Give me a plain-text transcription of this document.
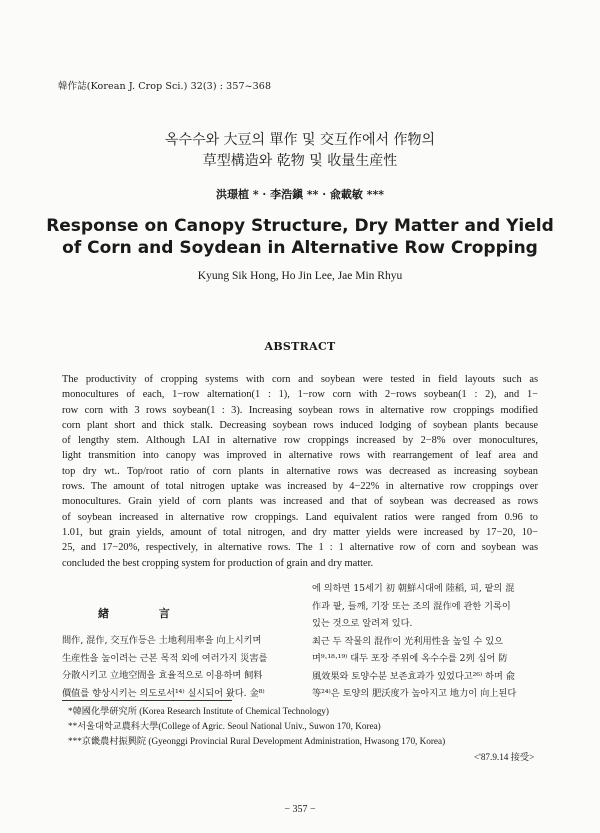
韓作誌(Korean J. Crop Sci.) 32(3) : 357~368
옥수수와 大豆의 單作 및 交互作에서 作物의
草型構造와 乾物 및 收量生産性
洪璟植 * · 李浩鎭 ** · 兪載敏 ***
Response on Canopy Structure, Dry Matter and Yield
of Corn and Soydean in Alternative Row Cropping
Kyung Sik Hong, Ho Jin Lee, Jae Min Rhyu
ABSTRACT
The productivity of cropping systems with corn and soybean were tested in field layouts such as
monocultures of each, 1−row alternation(1 : 1), 1−row corn with 2−rows soybean(1 : 2), and 1−
row corn with 3 rows soybean(1 : 3). Increasing soybean rows in alternative row croppings modified
corn plant short and thick stalk. Decreasing soybean rows induced lodging of soybean plants because
of lengthy stem. Although LAI in alternative row croppings increased by 2−8% over monocultures,
light transmition into canopy was improved in alternative rows with rearrangement of leaf area and
top dry wt.. Top/root ratio of corn plants in alternative rows was decreased as increasing soybean
rows. The amount of total nitrogen uptake was increased by 4−22% in alternative row croppings over
monocultures. Grain yield of corn plants was increased and that of soybean was decreased as rows
of soybean increased in alternative row croppings. Land equivalent ratios were ranged from 0.96 to
1.01, but grain yields, amount of total nitrogen, and dry matter yields were increased by 17−20, 10−
25, and 17−20%, respectively, in alternative rows. The 1 : 1 alternative row of corn and soybean was
concluded the best cropping system for production of grain and dry matter.
緖	言
間作, 混作, 交互作등은 土地利用率을 向上시키며
生産性을 높이려는 근본 목적 외에 여러가지 災害를
分散시키고 立地空間을 효율적으로 이용하며 飼料
價值를 향상시키는 의도로서¹⁴⁾ 실시되어 왔다. 金⁸⁾
에 의하면 15세기 初 朝鮮시대에 陸稻, 피, 팥의 混
作과 팥, 들깨, 기장 또는 조의 混作에 관한 기록이
있는 것으로 알려져 있다.
최근 두 작물의 混作이 光利用性을 높일 수 있으
며⁹·¹⁸·¹⁹⁾ 대두 포장 주위에 옥수수를 2列 심어 防
風效果와 토양수분 보존효과가 있었다고²⁶⁾ 하며 兪
等²⁴⁾은 토양의 肥沃度가 높아지고 地力이 向上된다
*韓國化學硏究所 (Korea Research Institute of Chemical Technology)
**서울대학교農科大學(College of Agric. Seoul National Univ., Suwon 170, Korea)
***京畿農村振興院 (Gyeonggi Provincial Rural Development Administration, Hwasong 170, Korea)
<'87.9.14 接受>
− 357 −
